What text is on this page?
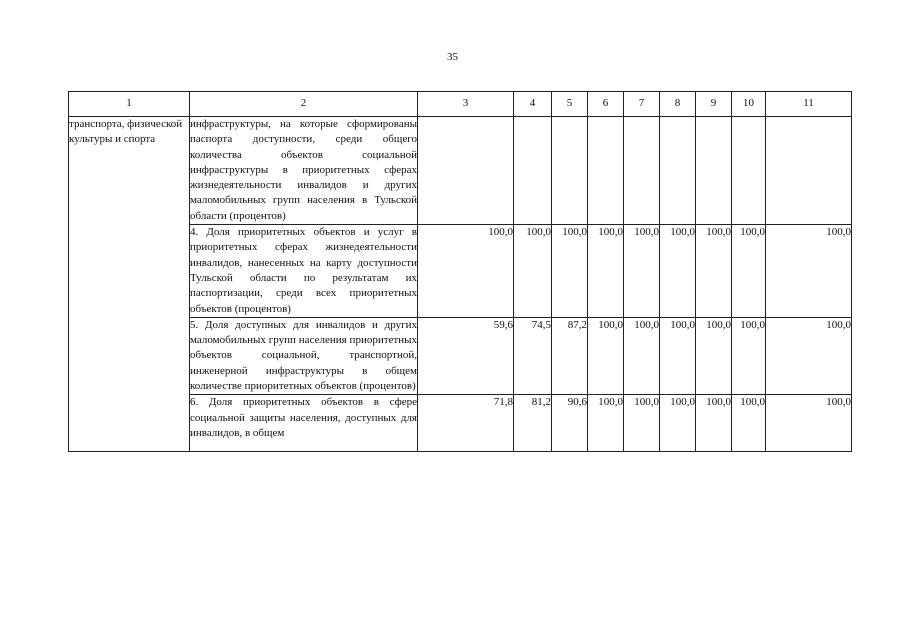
35
1	2	3	4	5	6	7	8	9	10	11
транспорта, физической культуры и спорта	инфраструктуры, на которые сформированы паспорта доступности, среди общего количества объектов социальной инфраструктуры в приоритетных сферах жизнедеятельности инвалидов и других маломобильных групп населения в Тульской области (процентов)									
	4. Доля приоритетных объектов и услуг в приоритетных сферах жизнедеятельности инвалидов, нанесенных на карту доступности Тульской области по результатам их паспортизации, среди всех приоритетных объектов (процентов)	100,0	100,0	100,0	100,0	100,0	100,0	100,0	100,0	100,0
	5. Доля доступных для инвалидов и других маломобильных групп населения приоритетных объектов социальной, транспортной, инженерной инфраструктуры в общем количестве приоритетных объектов (процентов)	59,6	74,5	87,2	100,0	100,0	100,0	100,0	100,0	100,0
	6. Доля приоритетных объектов в сфере социальной защиты населения, доступных для инвалидов, в общем	71,8	81,2	90,6	100,0	100,0	100,0	100,0	100,0	100,0
